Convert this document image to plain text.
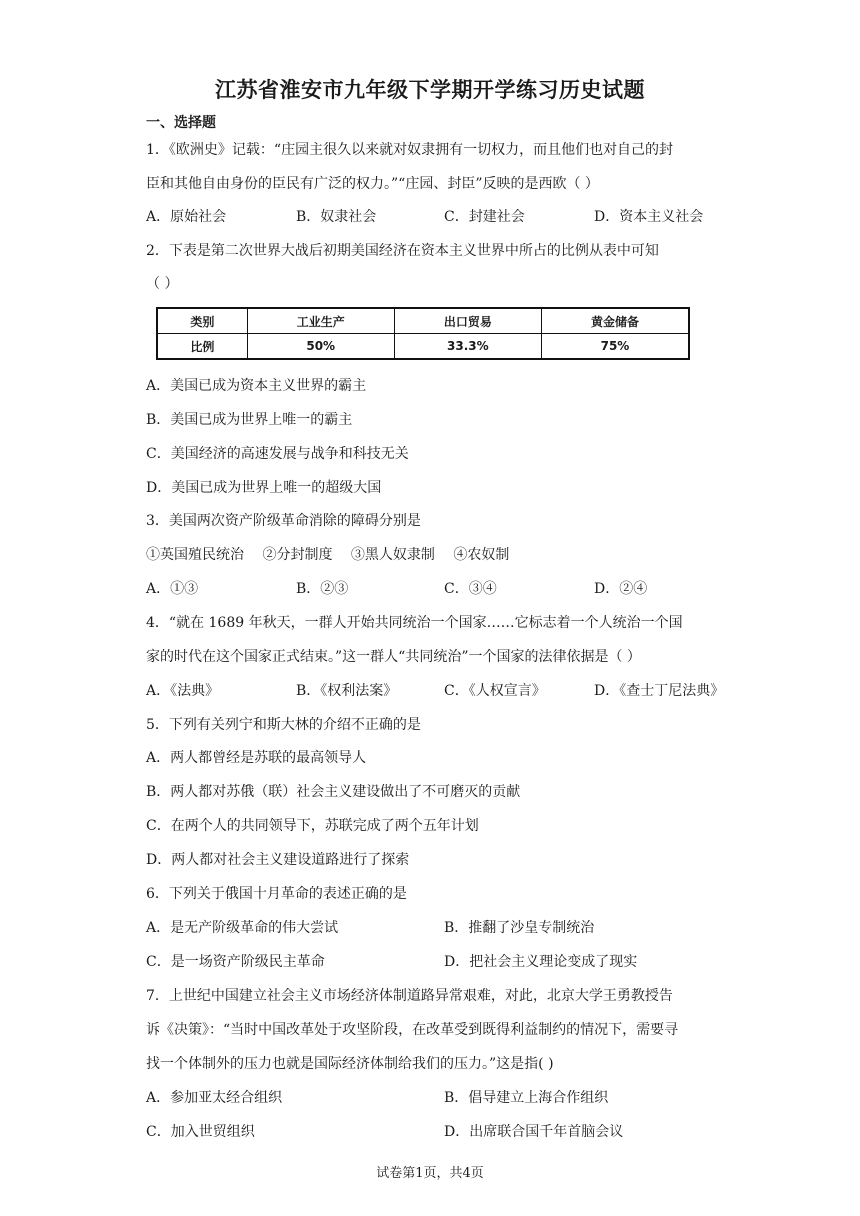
江苏省淮安市九年级下学期开学练习历史试题
一、选择题
1．《欧洲史》记载：“庄园主很久以来就对奴隶拥有一切权力，而且他们也对自己的封
臣和其他自由身份的臣民有广泛的权力。”“庄园、封臣”反映的是西欧（ ）
A．原始社会	B．奴隶社会	C．封建社会	D．资本主义社会
2．下表是第二次世界大战后初期美国经济在资本主义世界中所占的比例从表中可知
（ ）
类别	工业生产	出口贸易	黄金储备
比例	50%	33.3%	75%
A．美国已成为资本主义世界的霸主
B．美国已成为世界上唯一的霸主
C．美国经济的高速发展与战争和科技无关
D．美国已成为世界上唯一的超级大国
3．美国两次资产阶级革命消除的障碍分别是
①英国殖民统治　 ②分封制度　 ③黑人奴隶制　 ④农奴制
A．①③	B．②③	C．③④	D．②④
4．“就在 1689 年秋天，一群人开始共同统治一个国家……它标志着一个人统治一个国
家的时代在这个国家正式结束。”这一群人“共同统治”一个国家的法律依据是（ ）
A．《法典》	B．《权利法案》	C．《人权宣言》	D．《查士丁尼法典》
5．下列有关列宁和斯大林的介绍不正确的是
A．两人都曾经是苏联的最高领导人
B．两人都对苏俄（联）社会主义建设做出了不可磨灭的贡献
C．在两个人的共同领导下，苏联完成了两个五年计划
D．两人都对社会主义建设道路进行了探索
6．下列关于俄国十月革命的表述正确的是
A．是无产阶级革命的伟大尝试	B．推翻了沙皇专制统治
C．是一场资产阶级民主革命	D．把社会主义理论变成了现实
7．上世纪中国建立社会主义市场经济体制道路异常艰难，对此，北京大学王勇教授告
诉《决策》：“当时中国改革处于攻坚阶段，在改革受到既得利益制约的情况下，需要寻
找一个体制外的压力也就是国际经济体制给我们的压力。”这是指( )
A．参加亚太经合组织	B．倡导建立上海合作组织
C．加入世贸组织	D．出席联合国千年首脑会议
试卷第1页，共4页
